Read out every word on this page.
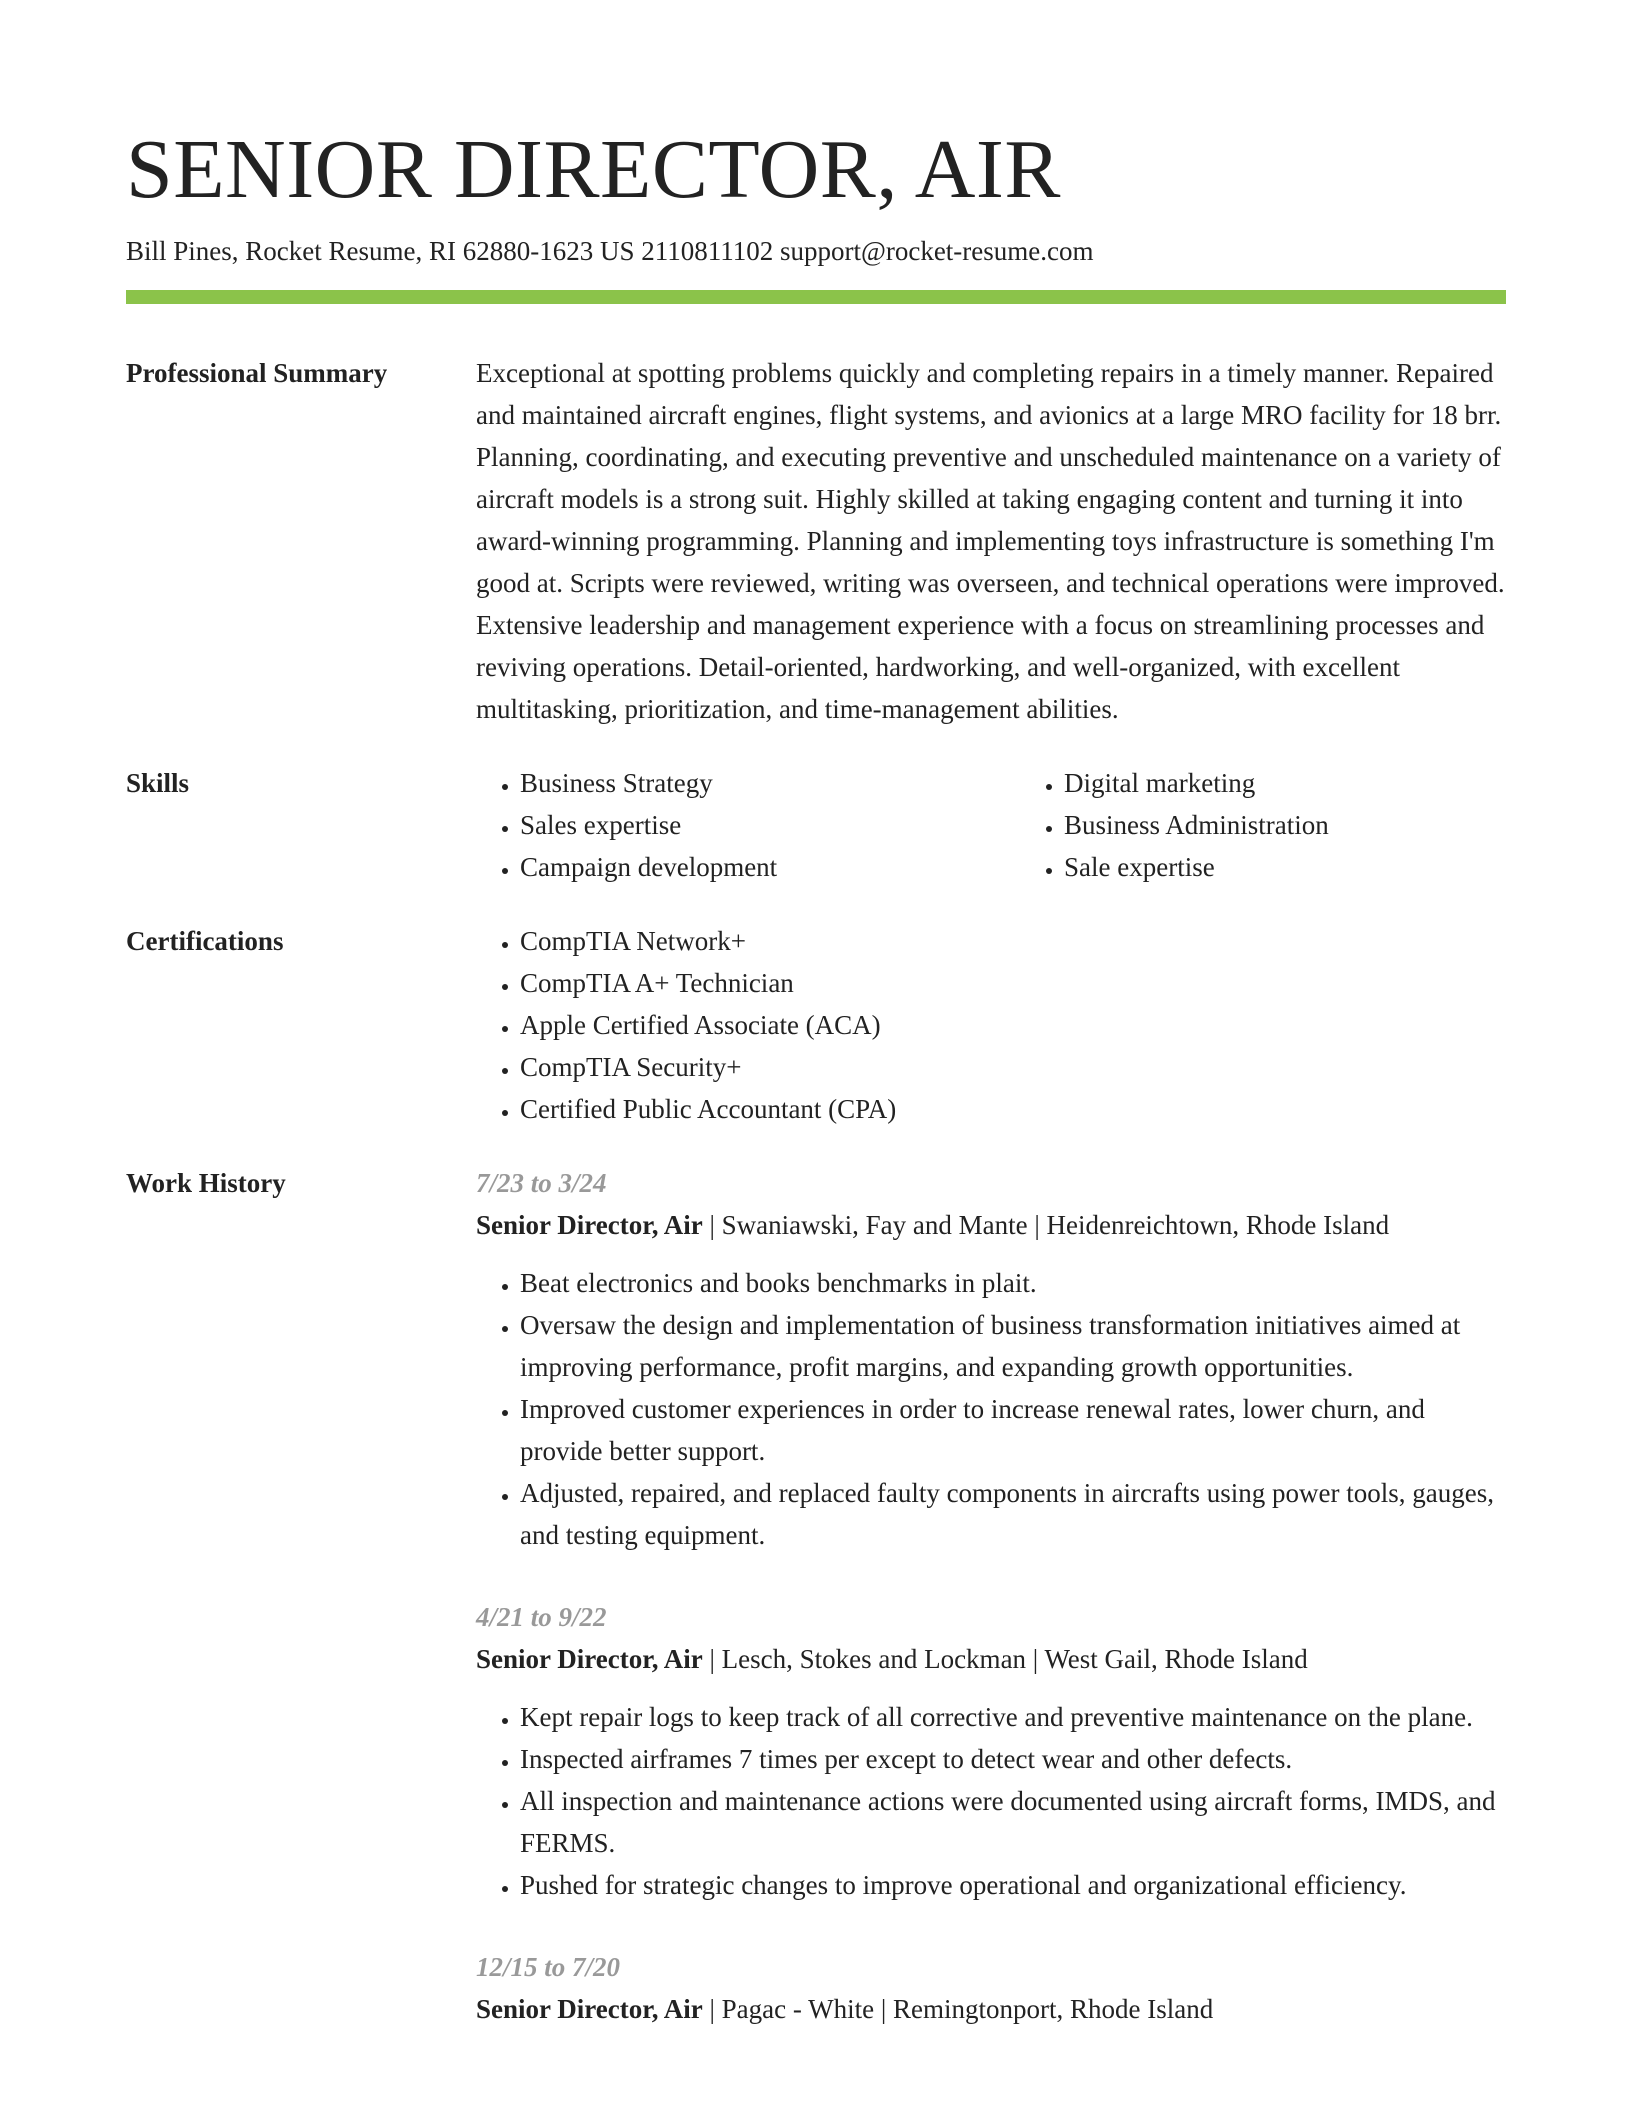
SENIOR DIRECTOR, AIR
Bill Pines, Rocket Resume, RI 62880-1623 US 2110811102 support@rocket-resume.com
Professional Summary	Exceptional at spotting problems quickly and completing repairs in a timely manner. Repaired and maintained aircraft engines, flight systems, and avionics at a large MRO facility for 18 brr. Planning, coordinating, and executing preventive and unscheduled maintenance on a variety of aircraft models is a strong suit. Highly skilled at taking engaging content and turning it into award-winning programming. Planning and implementing toys infrastructure is something I'm good at. Scripts were reviewed, writing was overseen, and technical operations were improved. Extensive leadership and management experience with a focus on streamlining processes and reviving operations. Detail-oriented, hardworking, and well-organized, with excellent multitasking, prioritization, and time-management abilities.

Skills	• Business Strategy
• Sales expertise
• Campaign development
• Digital marketing
• Business Administration
• Sale expertise
Certifications	• CompTIA Network+
• CompTIA A+ Technician
• Apple Certified Associate (ACA)
• CompTIA Security+
• Certified Public Accountant (CPA)
Work History	7/23 to 3/24
Senior Director, Air | Swaniawski, Fay and Mante | Heidenreichtown, Rhode Island
• Beat electronics and books benchmarks in plait.
• Oversaw the design and implementation of business transformation initiatives aimed at improving performance, profit margins, and expanding growth opportunities.
• Improved customer experiences in order to increase renewal rates, lower churn, and provide better support.
• Adjusted, repaired, and replaced faulty components in aircrafts using power tools, gauges, and testing equipment.
4/21 to 9/22
Senior Director, Air | Lesch, Stokes and Lockman | West Gail, Rhode Island
• Kept repair logs to keep track of all corrective and preventive maintenance on the plane.
• Inspected airframes 7 times per except to detect wear and other defects.
• All inspection and maintenance actions were documented using aircraft forms, IMDS, and FERMS.
• Pushed for strategic changes to improve operational and organizational efficiency.
12/15 to 7/20
Senior Director, Air | Pagac - White | Remingtonport, Rhode Island
